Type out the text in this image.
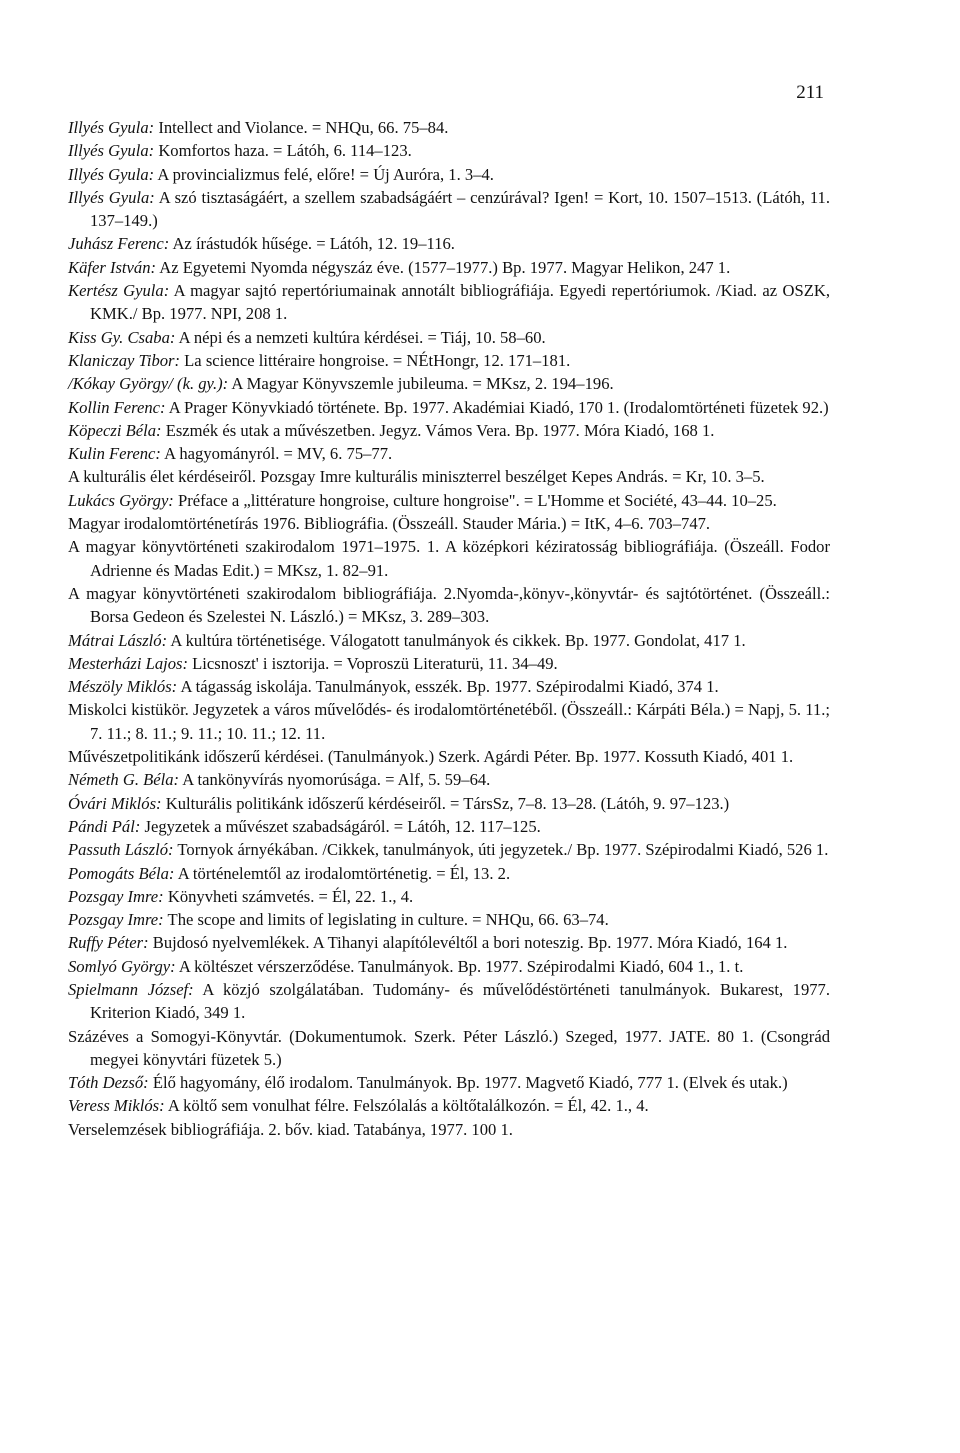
211

Illyés Gyula: Intellect and Violance. = NHQu, 66. 75–84.

Illyés Gyula: Komfortos haza. = Látóh, 6. 114–123.

Illyés Gyula: A provincializmus felé, előre! = Új Auróra, 1. 3–4.

Illyés Gyula: A szó tisztaságáért, a szellem szabadságáért – cenzúrával? Igen! = Kort, 10. 1507–1513. (Látóh, 11. 137–149.)

Juhász Ferenc: Az írástudók hűsége. = Látóh, 12. 19–116.

Käfer István: Az Egyetemi Nyomda négyszáz éve. (1577–1977.) Bp. 1977. Magyar Helikon, 247 1.

Kertész Gyula: A magyar sajtó repertóriumainak annotált bibliográfiája. Egyedi repertóriumok. /Kiad. az OSZK, KMK./ Bp. 1977. NPI, 208 1.

Kiss Gy. Csaba: A népi és a nemzeti kultúra kérdései. = Tiáj, 10. 58–60.

Klaniczay Tibor: La science littéraire hongroise. = NÉtHongr, 12. 171–181.

/Kókay György/ (k. gy.): A Magyar Könyvszemle jubileuma. = MKsz, 2. 194–196.

Kollin Ferenc: A Prager Könyvkiadó története. Bp. 1977. Akadémiai Kiadó, 170 1. (Irodalomtörténeti füzetek 92.)

Köpeczi Béla: Eszmék és utak a művészetben. Jegyz. Vámos Vera. Bp. 1977. Móra Kiadó, 168 1.

Kulin Ferenc: A hagyományról. = MV, 6. 75–77.

A kulturális élet kérdéseiről. Pozsgay Imre kulturális miniszterrel beszélget Kepes András. = Kr, 10. 3–5.

Lukács György: Préface a „littérature hongroise, culture hongroise". = L'Homme et Société, 43–44. 10–25.

Magyar irodalomtörténetírás 1976. Bibliográfia. (Összeáll. Stauder Mária.) = ItK, 4–6. 703–747.

A magyar könyvtörténeti szakirodalom 1971–1975. 1. A középkori kéziratosság bibliográfiája. (Öszeáll. Fodor Adrienne és Madas Edit.) = MKsz, 1. 82–91.

A magyar könyvtörténeti szakirodalom bibliográfiája. 2.Nyomda-,könyv-,könyvtár- és sajtótörténet. (Összeáll.: Borsa Gedeon és Szelestei N. László.) = MKsz, 3. 289–303.

Mátrai László: A kultúra történetisége. Válogatott tanulmányok és cikkek. Bp. 1977. Gondolat, 417 1.

Mesterházi Lajos: Licsnoszt' i isztorija. = Voproszü Literaturü, 11. 34–49.

Mészöly Miklós: A tágasság iskolája. Tanulmányok, esszék. Bp. 1977. Szépirodalmi Kiadó, 374 1.

Miskolci kistükör. Jegyzetek a város művelődés- és irodalomtörténetéből. (Összeáll.: Kárpáti Béla.) = Napj, 5. 11.; 7. 11.; 8. 11.; 9. 11.; 10. 11.; 12. 11.

Művészetpolitikánk időszerű kérdései. (Tanulmányok.) Szerk. Agárdi Péter. Bp. 1977. Kossuth Kiadó, 401 1.

Németh G. Béla: A tankönyvírás nyomorúsága. = Alf, 5. 59–64.

Óvári Miklós: Kulturális politikánk időszerű kérdéseiről. = TársSz, 7–8. 13–28. (Látóh, 9. 97–123.)

Pándi Pál: Jegyzetek a művészet szabadságáról. = Látóh, 12. 117–125.

Passuth László: Tornyok árnyékában. /Cikkek, tanulmányok, úti jegyzetek./ Bp. 1977. Szépirodalmi Kiadó, 526 1.

Pomogáts Béla: A történelemtől az irodalomtörténetig. = Él, 13. 2.

Pozsgay Imre: Könyvheti számvetés. = Él, 22. 1., 4.

Pozsgay Imre: The scope and limits of legislating in culture. = NHQu, 66. 63–74.

Ruffy Péter: Bujdosó nyelvemlékek. A Tihanyi alapítólevéltől a bori noteszig. Bp. 1977. Móra Kiadó, 164 1.

Somlyó György: A költészet vérszerződése. Tanulmányok. Bp. 1977. Szépirodalmi Kiadó, 604 1., 1. t.

Spielmann József: A közjó szolgálatában. Tudomány- és művelődéstörténeti tanulmányok. Bukarest, 1977. Kriterion Kiadó, 349 1.

Százéves a Somogyi-Könyvtár. (Dokumentumok. Szerk. Péter László.) Szeged, 1977. JATE. 80 1. (Csongrád megyei könyvtári füzetek 5.)

Tóth Dezső: Élő hagyomány, élő irodalom. Tanulmányok. Bp. 1977. Magvető Kiadó, 777 1. (Elvek és utak.)

Veress Miklós: A költő sem vonulhat félre. Felszólalás a költőtalálkozón. = Él, 42. 1., 4.

Verselemzések bibliográfiája. 2. bőv. kiad. Tatabánya, 1977. 100 1.
